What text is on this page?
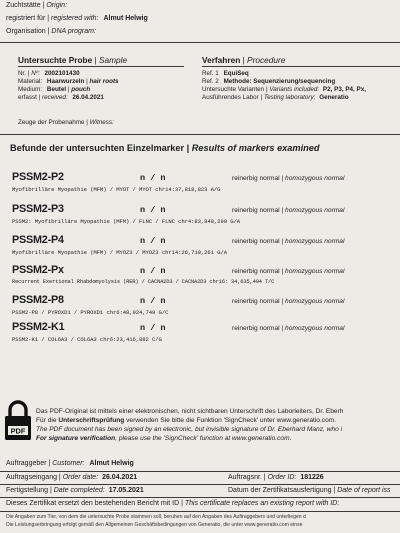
Zuchtstätte | Origin:
registriert für | registered with: Almut Helwig
Organisation | DNA program:
Untersuchte Probe | Sample
Nr. | Nº: 2002101430
Material: Haarwurzeln | hair roots
Medium: Beutel | pouch
erfasst | received: 26.04.2021
Verfahren | Procedure
Ref. 1 EquiSeq
Ref. 2 Methode: Sequenzierung/sequencing
Untersuchte Varianten | Variants included: P2, P3, P4, Px,
Ausführendes Labor | Testing laboratory: Generatio
Zeuge der Probenahme | Witness:
Befunde der untersuchten Einzelmarker | Results of markers examined
PSSM2-P2	n / n	reinerbig normal | homozygous normal
Myofibrilläre Myopathie (MFM) / MYOT / MYOT chr14:37,818,823 A/G
PSSM2-P3	n / n	reinerbig normal | homozygous normal
PSSM2: Myofibrilläre Myopathie (MFM) / FLNC / FLNC chr4:83,840,299 G/A
PSSM2-P4	n / n	reinerbig normal | homozygous normal
Myofibrilläre Myopathie (MFM) / MYOZ3 / MYOZ3 chr14:26,710,261 G/A
PSSM2-Px	n / n	reinerbig normal | homozygous normal
Recurrent Exertional Rhabdomyolysis (RER) / CACNA2D3 / CACNA2D3 chr16: 34,635,494 T/C
PSSM2-P8	n / n	reinerbig normal | homozygous normal
PSSM2-P8 / PYROXD1 / PYROXD1 chr6:48,924,749 G/C
PSSM2-K1	n / n	reinerbig normal | homozygous normal
PSSM2-K1 / COL6A3 / COL6A3 chr6:23,416,882 C/G
PDF
Das PDF-Original ist mittels einer elektronischen, nicht sichtbaren Unterschrift des Laborleiters, Dr. Eberh
Für die Unterschriftsprüfung verwenden Sie bitte die Funktion 'SignCheck' unter www.generatio.com.
The PDF document has been signed by an electronic, but invisible signature of Dr. Eberhard Manz, who i
For signature verification, please use the 'SignCheck' function at www.generatio.com.
Auftraggeber | Customer: Almut Helwig
Auftragseingang | Order date: 26.04.2021	Auftragsnr. | Order ID: 181226
Fertigstellung | Date completed: 17.05.2021	Datum der Zertifikatsausfertigung | Date of report iss
Dieses Zertifikat ersetzt den bestehenden Bericht mit ID | This certificate replaces an existing report with ID:
Die Angaben zum Tier, von dem die untersuchte Probe stammen soll, beruhen auf den Angaben des Auftraggebers und unterliegen d
Die Leistungserbringung erfolgt gemäß den Allgemeinen Geschäftsbedingungen von Generatio, die unter www.generatio.com einse
